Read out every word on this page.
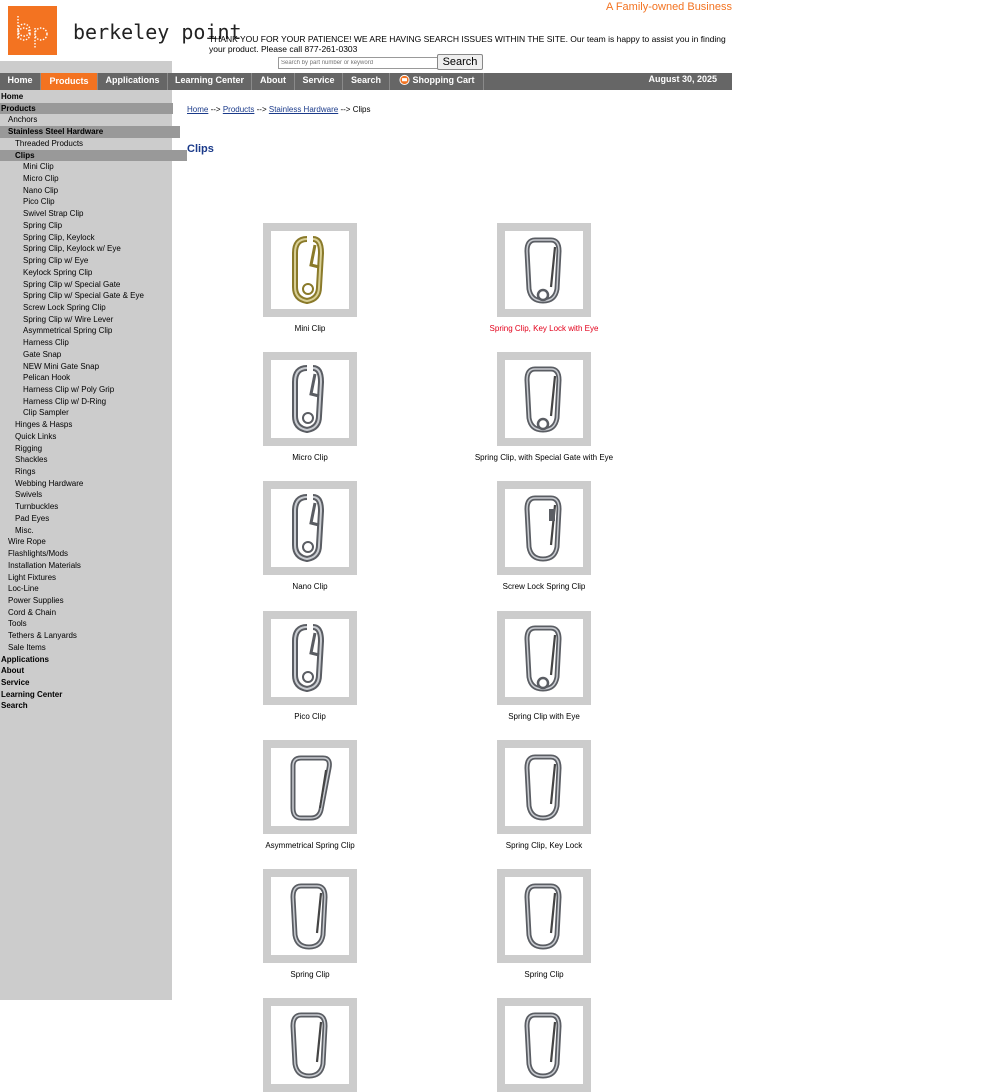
berkeley point
A Family-owned Business
THANK YOU FOR YOUR PATIENCE! WE ARE HAVING SEARCH ISSUES WITHIN THE SITE. Our team is happy to assist you in finding your product. Please call 877-261-0303
Search by part number or keyword
Search
Home	Products	Applications	Learning Center	About	Service	Search	Shopping Cart	August 30, 2025
Home
Products
Anchors
Stainless Steel Hardware
Threaded Products
Clips
Mini Clip
Micro Clip
Nano Clip
Pico Clip
Swivel Strap Clip
Spring Clip
Spring Clip, Keylock
Spring Clip, Keylock w/ Eye
Spring Clip w/ Eye
Keylock Spring Clip
Spring Clip w/ Special Gate
Spring Clip w/ Special Gate & Eye
Screw Lock Spring Clip
Spring Clip w/ Wire Lever
Asymmetrical Spring Clip
Harness Clip
Gate Snap
NEW Mini Gate Snap
Pelican Hook
Harness Clip w/ Poly Grip
Harness Clip w/ D-Ring
Clip Sampler
Hinges & Hasps
Quick Links
Rigging
Shackles
Rings
Webbing Hardware
Swivels
Turnbuckles
Pad Eyes
Misc.
Wire Rope
Flashlights/Mods
Installation Materials
Light Fixtures
Loc-Line
Power Supplies
Cord & Chain
Tools
Tethers & Lanyards
Sale Items
Applications
About
Service
Learning Center
Search
Home --> Products --> Stainless Hardware --> Clips
Clips
Mini Clip	Spring Clip, Key Lock with Eye
Micro Clip	Spring Clip, with Special Gate with Eye
Nano Clip	Screw Lock Spring Clip
Pico Clip	Spring Clip with Eye
Asymmetrical Spring Clip	Spring Clip, Key Lock
Spring Clip	Spring Clip
